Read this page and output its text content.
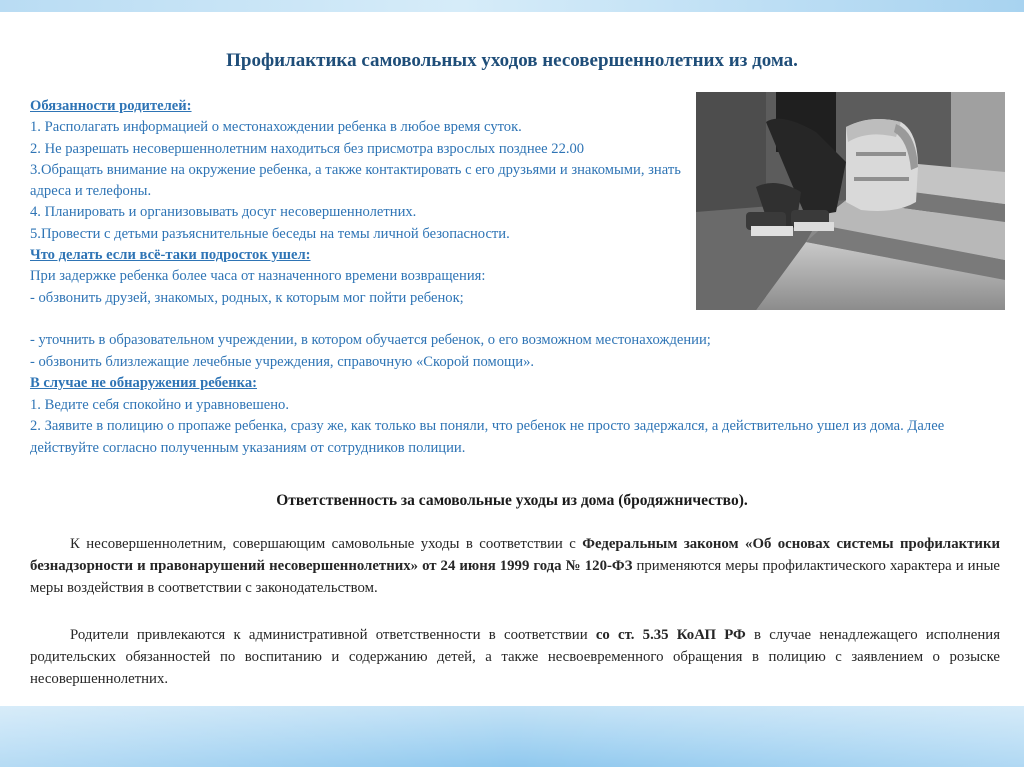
Профилактика самовольных уходов несовершеннолетних из дома.

Обязанности родителей:

1. Располагать информацией о местонахождении ребенка в любое время суток.

2. Не разрешать несовершеннолетним находиться без присмотра взрослых позднее 22.00

3.Обращать внимание на окружение ребенка, а также контактировать с его друзьями и знакомыми, знать адреса и телефоны.

4. Планировать и организовывать досуг несовершеннолетних.

5.Провести с детьми разъяснительные беседы на темы личной безопасности.

Что делать если всё-таки подросток ушел:

При задержке ребенка более часа от назначенного времени возвращения:

- обзвонить друзей, знакомых, родных, к которым мог пойти ребенок;

- уточнить в образовательном учреждении, в котором обучается ребенок, о его возможном местонахождении;

- обзвонить близлежащие лечебные учреждения, справочную «Скорой помощи».

В случае не обнаружения ребенка:

1. Ведите себя спокойно и уравновешено.

2. Заявите в полицию о пропаже ребенка, сразу же, как только вы поняли, что ребенок не просто задержался, а действительно ушел из дома. Далее действуйте согласно полученным указаниям от сотрудников полиции.

Ответственность за самовольные уходы из дома (бродяжничество).

К несовершеннолетним, совершающим самовольные уходы в соответствии с Федеральным законом «Об основах системы профилактики безнадзорности и правонарушений несовершеннолетних» от 24 июня 1999 года № 120-ФЗ применяются меры профилактического характера и иные меры воздействия в соответствии с законодательством.

Родители привлекаются к административной ответственности в соответствии со ст. 5.35 КоАП РФ в случае ненадлежащего исполнения родительских обязанностей по воспитанию и содержанию детей, а также несвоевременного обращения в полицию с заявлением о розыске несовершеннолетних.
